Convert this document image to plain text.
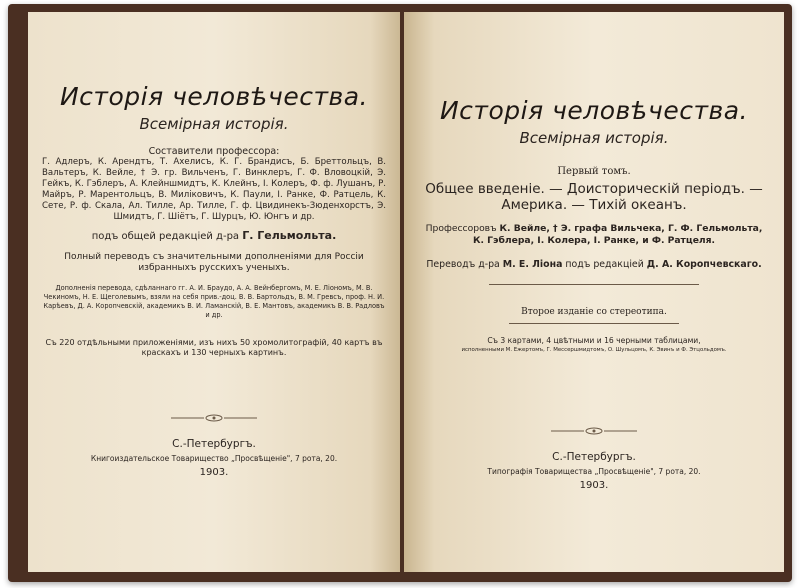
Исторія человѣчества.
Всемірная исторія.
Составители профессора:
Г. Адлеръ, К. Арендтъ, Т. Ахелисъ, К. Г. Брандисъ, Б. Бреттольцъ, В. Вальтеръ, К. Вейле, † Э. гр. Вильченъ, Г. Винклеръ, Г. Ф. Вловоцкій, Э. Гейкъ, К. Гэблеръ, А. Клейншмидтъ, К. Клейнъ, І. Колеръ, Ф. ф. Лушанъ, Р. Майръ, Р. Марентольцъ, В. Миліковичъ, К. Паули, І. Ранке, Ф. Ратцель, К. Сете, Р. ф. Скала, Ал. Тилле, Ар. Тилле, Г. ф. Цвидинекъ-Зюденхорстъ, Э. Шмидтъ, Г. Шіётъ, Г. Шурцъ, Ю. Юнгъ и др.
подъ общей редакціей д-ра Г. Гельмольта.
Полный переводъ съ значительными дополненіями для Россіи избранныхъ русскихъ ученыхъ.
Дополненія перевода, сдѣланнаго гг. А. И. Браудо, А. А. Вейнбергомъ, М. Е. Ліономъ, М. В. Чекиномъ, Н. Е. Щеголевымъ, взяли на себя прив.-доц. В. В. Бартольдъ, В. М. Гревсъ, проф. Н. И. Карѣевъ, Д. А. Коропчевскій, академикъ В. И. Ламанскій, В. Е. Мантовъ, академикъ В. В. Радловъ и др.
Съ 220 отдѣльными приложеніями, изъ нихъ 50 хромолитографій, 40 картъ въ краскахъ и 130 черныхъ картинъ.
С.-Петербургъ.
Книгоиздательское Товарищество „Просвѣщеніе", 7 рота, 20.
1903.
Исторія человѣчества.
Всемірная исторія.
Первый томъ.
Общее введеніе. — Доисторическій періодъ. — Америка. — Тихій океанъ.
Профессоровъ К. Вейле, † Э. графа Вильчека, Г. Ф. Гельмольта, К. Гэблера, І. Колера, І. Ранке, и Ф. Ратцеля.
Переводъ д-ра М. Е. Ліона подъ редакціей Д. А. Коропчевскаго.
Второе изданіе со стереотипа.
Съ 3 картами, 4 цвѣтными и 16 черными таблицами,
исполненными М. Ежертомъ, Г. Мессершмидтомъ, О. Шульцомъ, К. Эвинъ и Ф. Этцольдомъ.
С.-Петербургъ.
Типографія Товарищества „Просвѣщеніе", 7 рота, 20.
1903.
